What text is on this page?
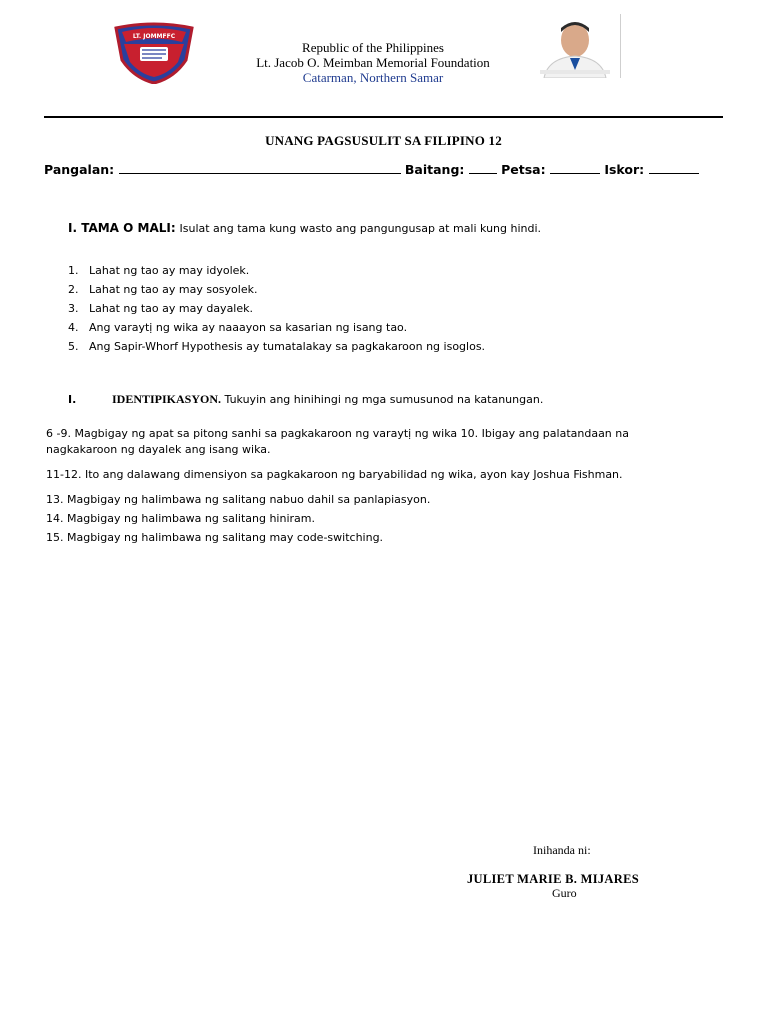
LT. JOMMFFC
Republic of the Philippines
Lt. Jacob O. Meimban Memorial Foundation
Catarman, Northern Samar
UNANG PAGSUSULIT SA FILIPINO 12
Pangalan:	Baitang:	Petsa:	Iskor:
I. TAMA O MALI: Isulat ang tama kung wasto ang pangungusap at mali kung hindi.
1. Lahat ng tao ay may idyolek.
2. Lahat ng tao ay may sosyolek.
3. Lahat ng tao ay may dayalek.
4. Ang varaytị ng wika ay naaayon sa kasarian ng isang tao.
5. Ang Sapir-Whorf Hypothesis ay tumatalakay sa pagkakaroon ng isoglos.
I.	IDENTIPIKASYON. Tukuyin ang hinihingi ng mga sumusunod na katanungan.
6 -9. Magbigay ng apat sa pitong sanhi sa pagkakaroon ng varaytị ng wika 10. Ibigay ang palatandaan na nagkakaroon ng dayalek ang isang wika.
11-12. Ito ang dalawang dimensiyon sa pagkakaroon ng baryabilidad ng wika, ayon kay Joshua Fishman.
13. Magbigay ng halimbawa ng salitang nabuo dahil sa panlapiasyon.
14. Magbigay ng halimbawa ng salitang hiniram.
15. Magbigay ng halimbawa ng salitang may code-switching.
Inihanda ni:
JULIET MARIE B. MIJARES
Guro
